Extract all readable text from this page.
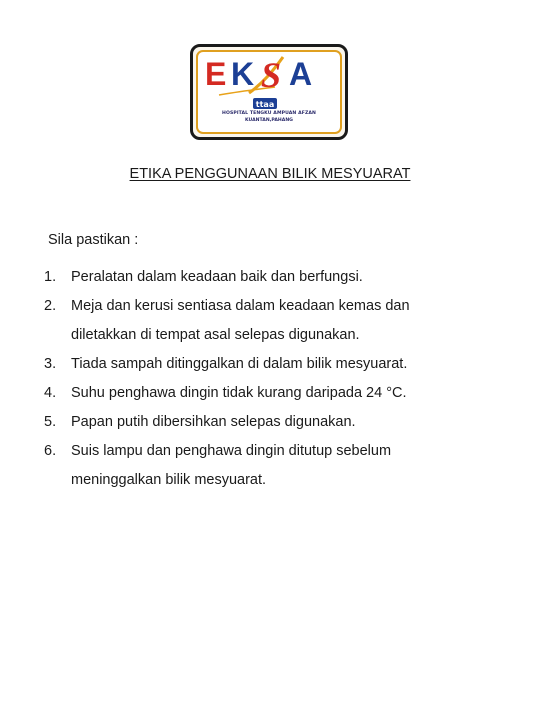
E K S A
ttaa
HOSPITAL TENGKU AMPUAN AFZAN
KUANTAN,PAHANG
ETIKA PENGGUNAAN BILIK MESYUARAT
Sila pastikan :
1. Peralatan dalam keadaan baik dan berfungsi.
2. Meja dan kerusi sentiasa dalam keadaan kemas dan
diletakkan di tempat asal selepas digunakan.
3. Tiada sampah ditinggalkan di dalam bilik mesyuarat.
4. Suhu penghawa dingin tidak kurang daripada 24 °C.
5. Papan putih dibersihkan selepas digunakan.
6. Suis lampu dan penghawa dingin ditutup sebelum
meninggalkan bilik mesyuarat.
